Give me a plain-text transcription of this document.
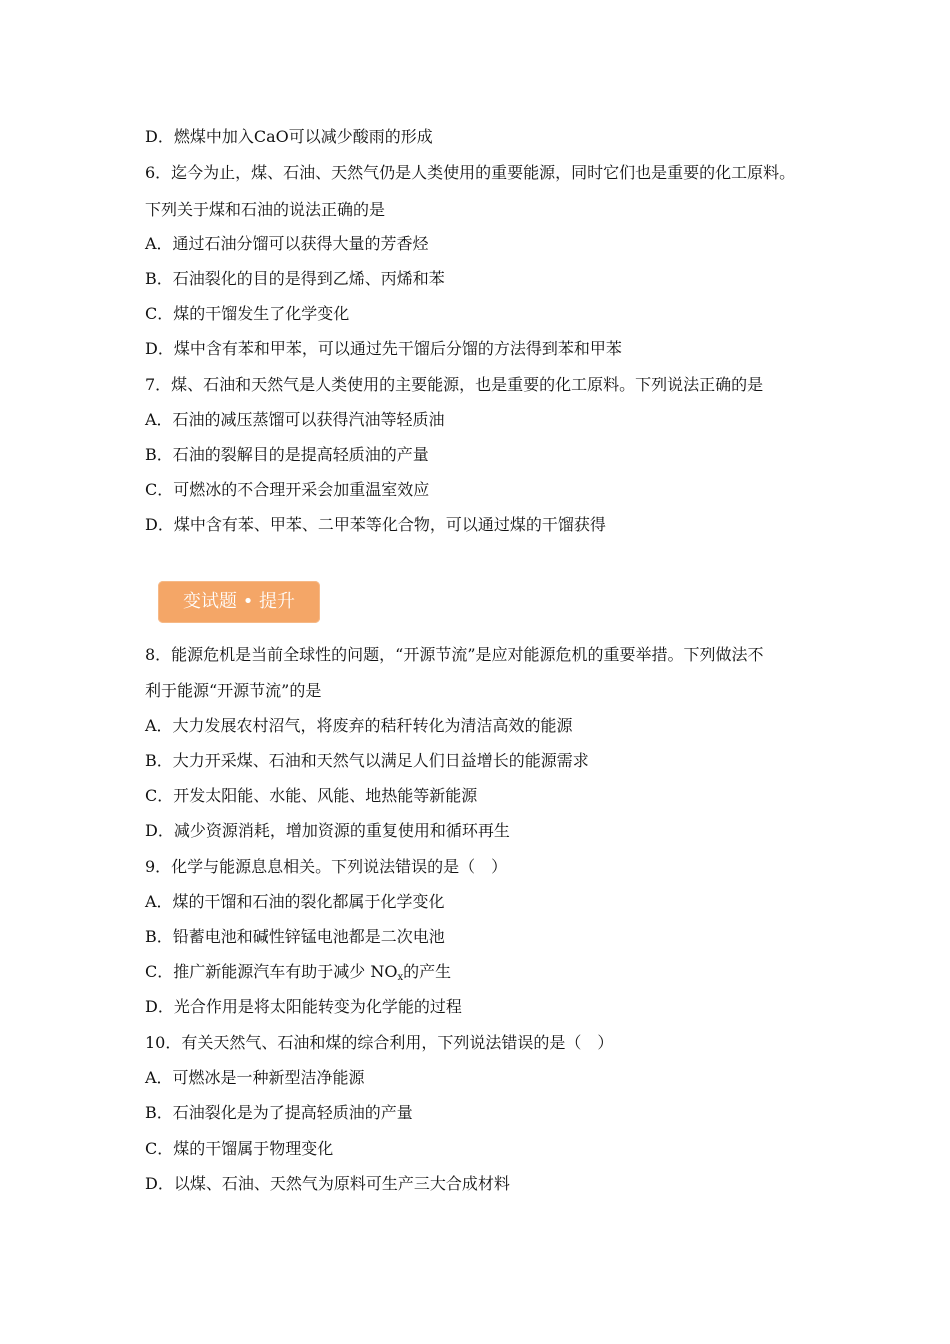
D．燃煤中加入CaO可以减少酸雨的形成
6．迄今为止，煤、石油、天然气仍是人类使用的重要能源，同时它们也是重要的化工原料。
下列关于煤和石油的说法正确的是
A．通过石油分馏可以获得大量的芳香烃
B．石油裂化的目的是得到乙烯、丙烯和苯
C．煤的干馏发生了化学变化
D．煤中含有苯和甲苯，可以通过先干馏后分馏的方法得到苯和甲苯
7．煤、石油和天然气是人类使用的主要能源，也是重要的化工原料。下列说法正确的是
A．石油的减压蒸馏可以获得汽油等轻质油
B．石油的裂解目的是提高轻质油的产量
C．可燃冰的不合理开采会加重温室效应
D．煤中含有苯、甲苯、二甲苯等化合物，可以通过煤的干馏获得
变试题 • 提升
8．能源危机是当前全球性的问题，“开源节流”是应对能源危机的重要举措。下列做法不
利于能源“开源节流”的是
A．大力发展农村沼气，将废弃的秸秆转化为清洁高效的能源
B．大力开采煤、石油和天然气以满足人们日益增长的能源需求
C．开发太阳能、水能、风能、地热能等新能源
D．减少资源消耗，增加资源的重复使用和循环再生
9．化学与能源息息相关。下列说法错误的是（　）
A．煤的干馏和石油的裂化都属于化学变化
B．铅蓄电池和碱性锌锰电池都是二次电池
C．推广新能源汽车有助于减少 $NO_x$的产生
D．光合作用是将太阳能转变为化学能的过程
10．有关天然气、石油和煤的综合利用，下列说法错误的是（　）
A．可燃冰是一种新型洁净能源
B．石油裂化是为了提高轻质油的产量
C．煤的干馏属于物理变化
D．以煤、石油、天然气为原料可生产三大合成材料
